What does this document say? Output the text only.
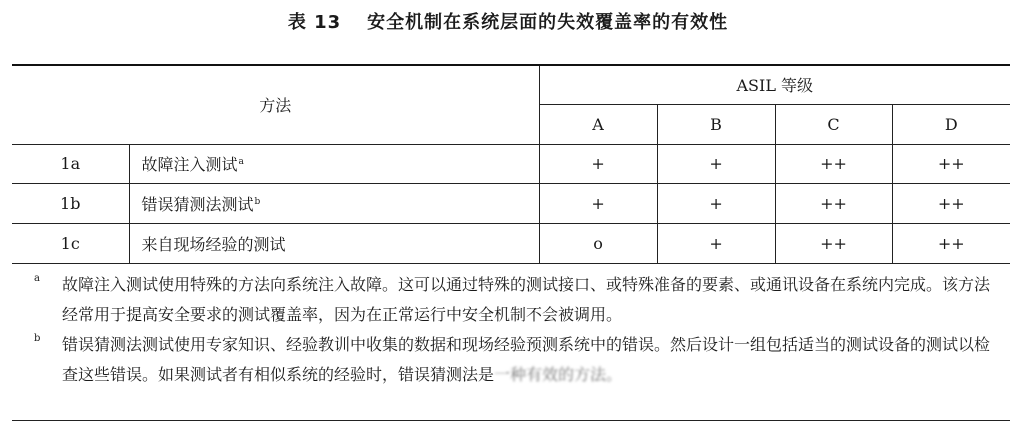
表 13 安全机制在系统层面的失效覆盖率的有效性
方法		ASIL 等级			
		A	B	C	D
1a	故障注入测试$^a$	+	+	++	++
1b	错误猜测法测试$^b$	+	+	++	++
1c	来自现场经验的测试	o	+	++	++

a 故障注入测试使用特殊的方法向系统注入故障。这可以通过特殊的测试接口、或特殊准备的要素、或通讯设备在系统内完成。该方法经常用于提高安全要求的测试覆盖率，因为在正常运行中安全机制不会被调用。
b 错误猜测法测试使用专家知识、经验教训中收集的数据和现场经验预测系统中的错误。然后设计一组包括适当的测试设备的测试以检查这些错误。如果测试者有相似系统的经验时，错误猜测法是一种有效的方法。					
